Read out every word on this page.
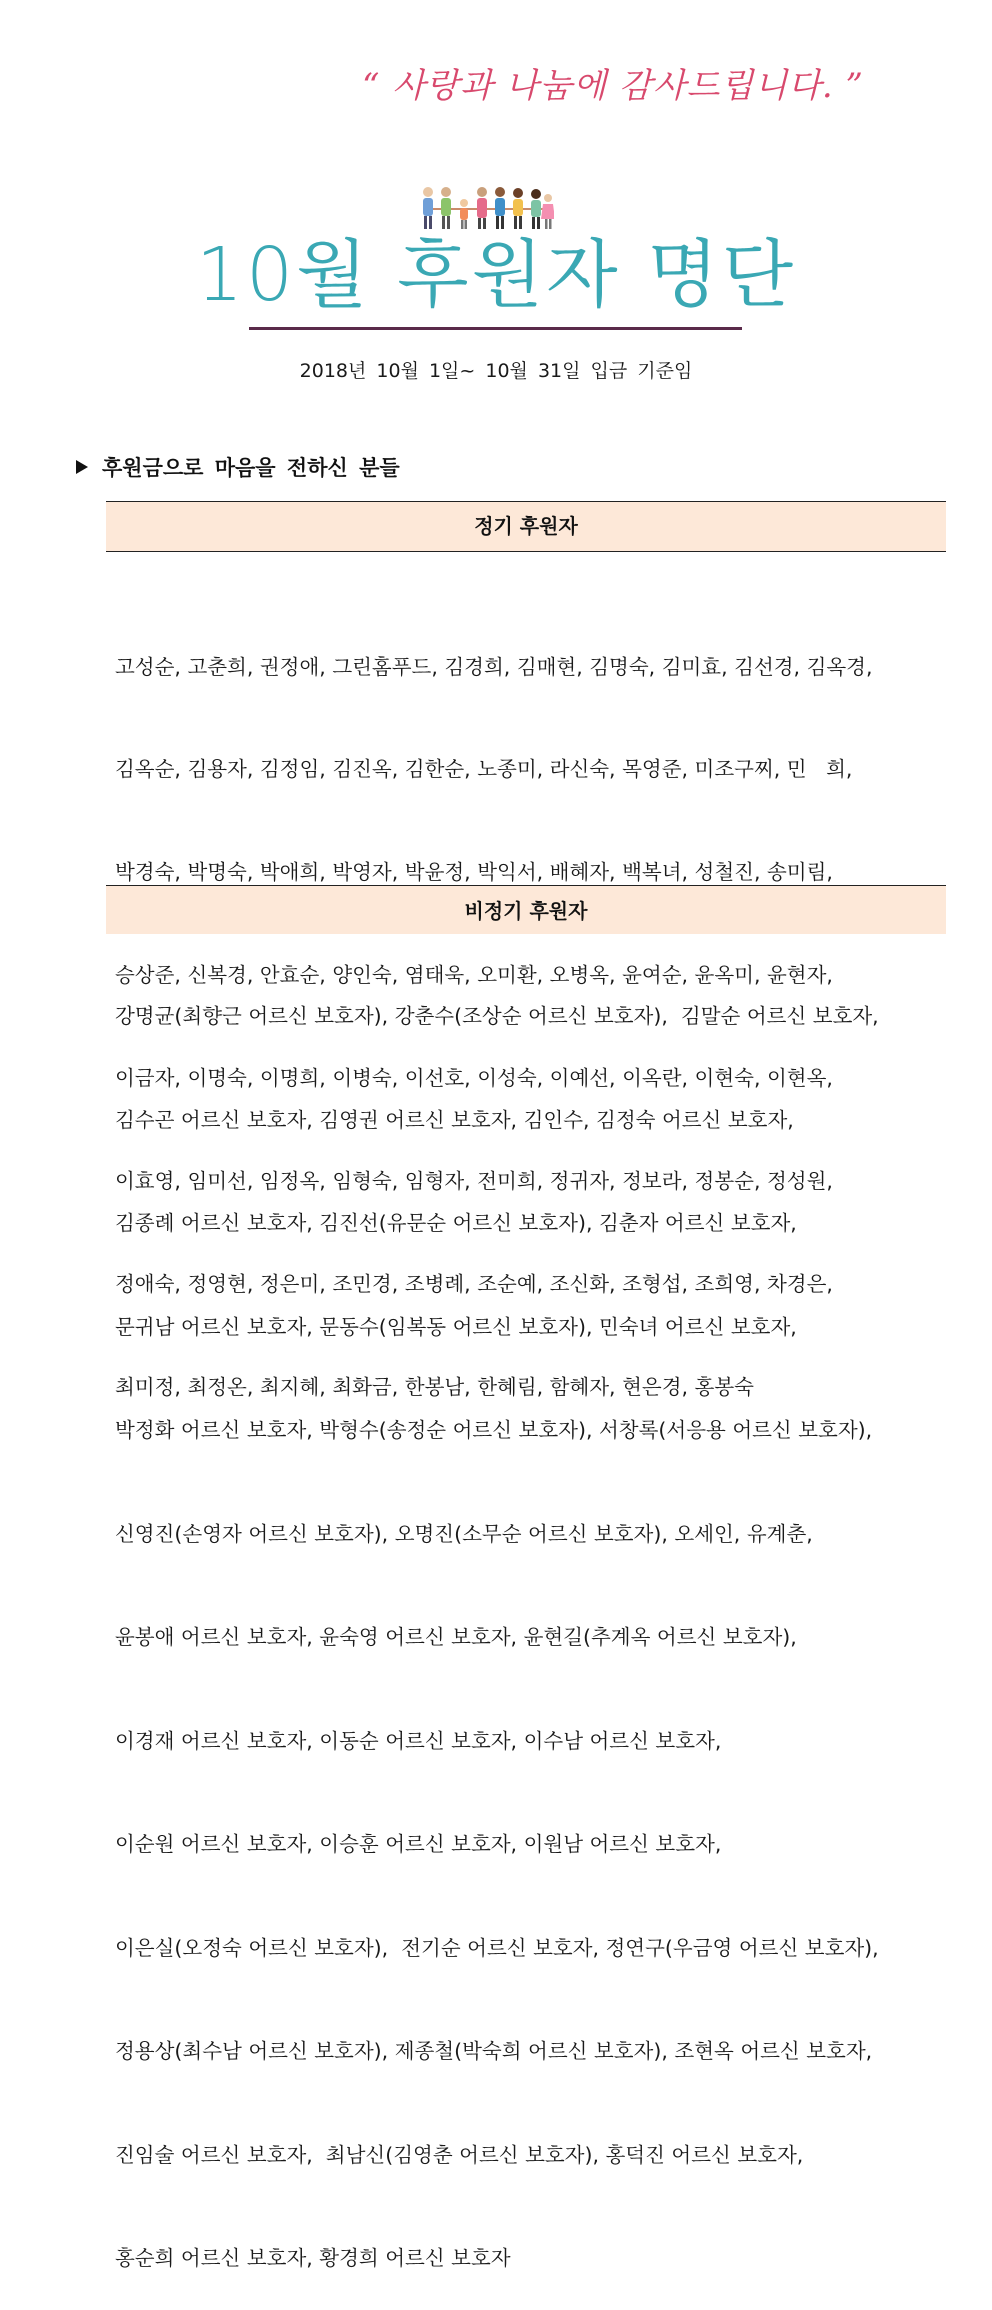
“ 사랑과 나눔에 감사드립니다. ”
10월 후원자 명단
2018년 10월 1일~ 10월 31일 입금 기준임
후원금으로 마음을 전하신 분들
정기 후원자

고성순, 고춘희, 권정애, 그린홈푸드, 김경희, 김매현, 김명숙, 김미효, 김선경, 김옥경,

김옥순, 김용자, 김정임, 김진옥, 김한순, 노종미, 라신숙, 목영준, 미조구찌, 민   희,

박경숙, 박명숙, 박애희, 박영자, 박윤정, 박익서, 배혜자, 백복녀, 성철진, 송미림,

승상준, 신복경, 안효순, 양인숙, 염태욱, 오미환, 오병옥, 윤여순, 윤옥미, 윤현자,

이금자, 이명숙, 이명희, 이병숙, 이선호, 이성숙, 이예선, 이옥란, 이현숙, 이현옥,

이효영, 임미선, 임정옥, 임형숙, 임형자, 전미희, 정귀자, 정보라, 정봉순, 정성원,

정애숙, 정영현, 정은미, 조민경, 조병례, 조순예, 조신화, 조형섭, 조희영, 차경은,

최미정, 최정온, 최지혜, 최화금, 한봉남, 한혜림, 함혜자, 현은경, 홍봉숙

비정기 후원자

강명균(최향근 어르신 보호자), 강춘수(조상순 어르신 보호자),  김말순 어르신 보호자,

김수곤 어르신 보호자, 김영권 어르신 보호자, 김인수, 김정숙 어르신 보호자,

김종례 어르신 보호자, 김진선(유문순 어르신 보호자), 김춘자 어르신 보호자,

문귀남 어르신 보호자, 문동수(임복동 어르신 보호자), 민숙녀 어르신 보호자,

박정화 어르신 보호자, 박형수(송정순 어르신 보호자), 서창록(서응용 어르신 보호자),

신영진(손영자 어르신 보호자), 오명진(소무순 어르신 보호자), 오세인, 유계춘,

윤봉애 어르신 보호자, 윤숙영 어르신 보호자, 윤현길(추계옥 어르신 보호자),

이경재 어르신 보호자, 이동순 어르신 보호자, 이수남 어르신 보호자,

이순원 어르신 보호자, 이승훈 어르신 보호자, 이원남 어르신 보호자,

이은실(오정숙 어르신 보호자),  전기순 어르신 보호자, 정연구(우금영 어르신 보호자),

정용상(최수남 어르신 보호자), 제종철(박숙희 어르신 보호자), 조현옥 어르신 보호자,

진임술 어르신 보호자,  최남신(김영춘 어르신 보호자), 홍덕진 어르신 보호자,

홍순희 어르신 보호자, 황경희 어르신 보호자
